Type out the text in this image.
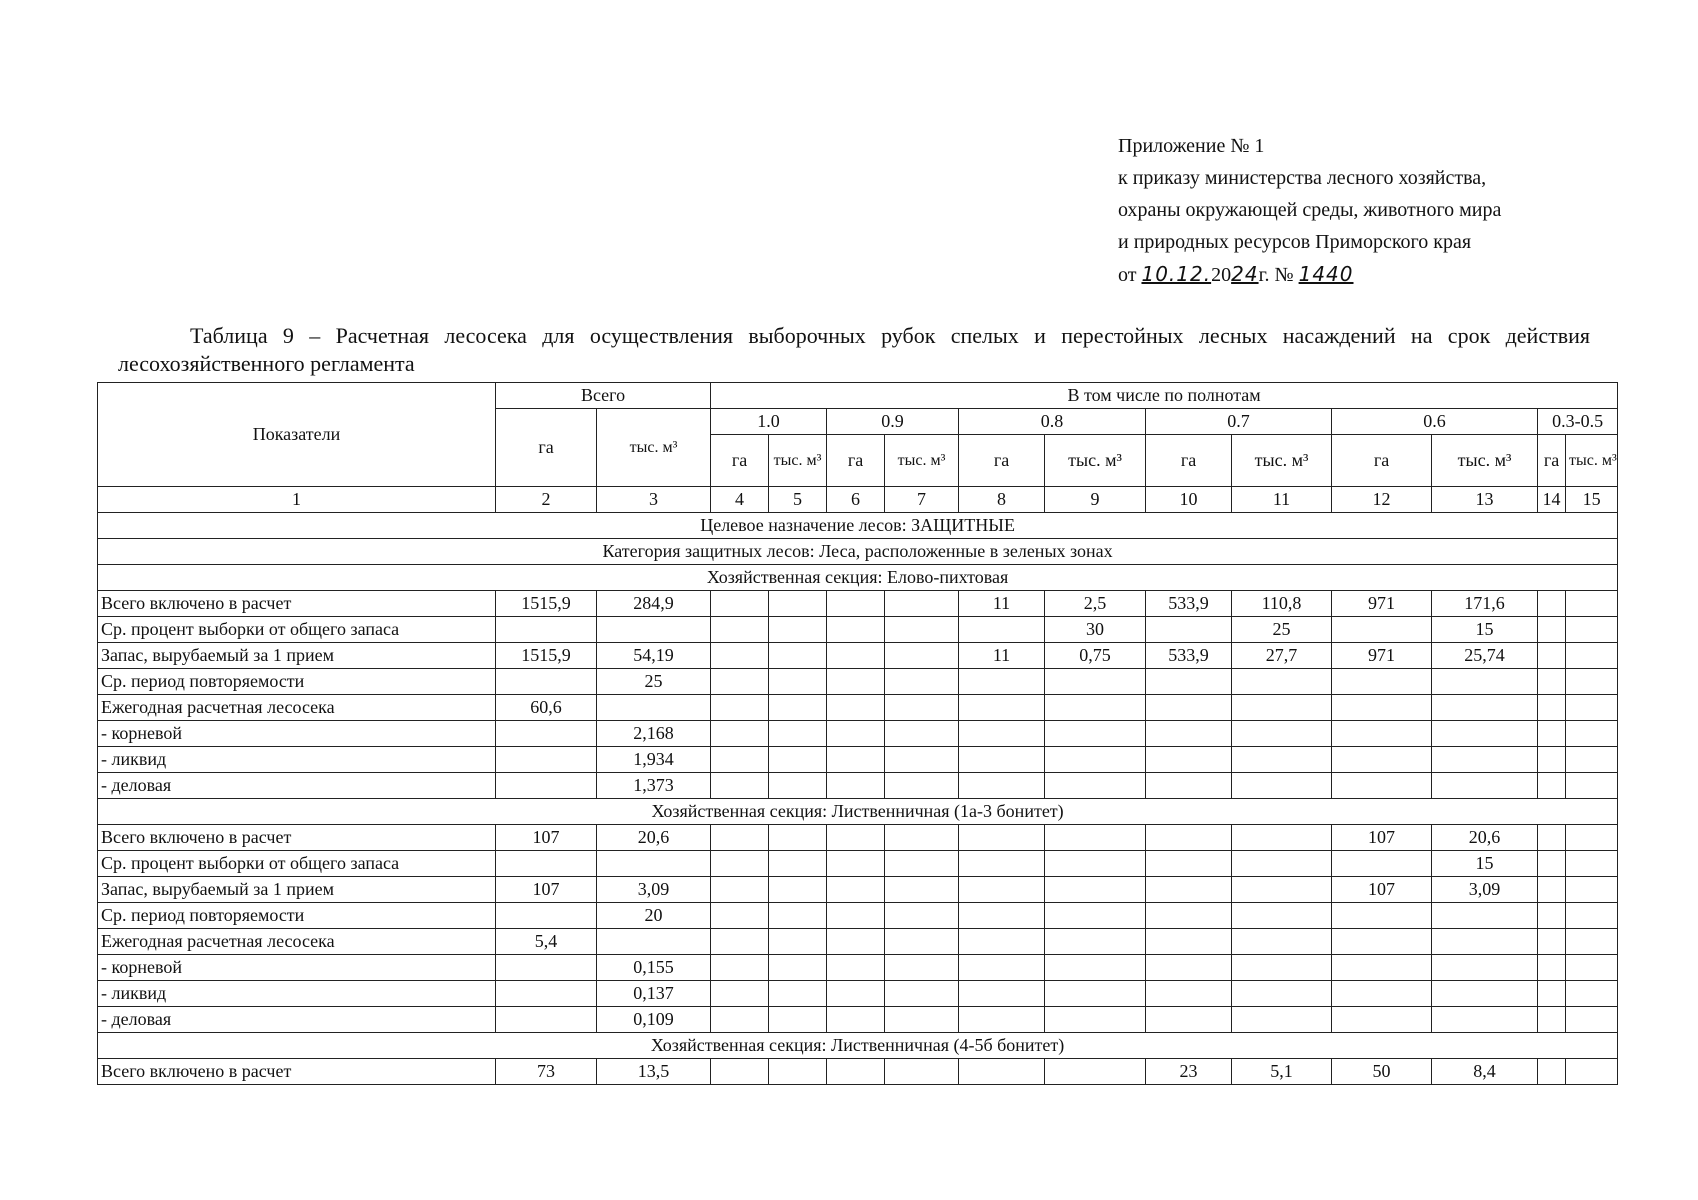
Приложение № 1
к приказу министерства лесного хозяйства,
охраны окружающей среды, животного мира
и природных ресурсов Приморского края
от 10.12.2024г. № 1440
Таблица 9 – Расчетная лесосека для осуществления выборочных рубок спелых и перестойных лесных насаждений на срок действия лесохозяйственного регламента
Показатели	Всего		В том числе по полнотам											
	га	тыс. м³	1.0		0.9		0.8		0.7		0.6		0.3-0.5	
			га	тыс. м³	га	тыс. м³	га	тыс. м³	га	тыс. м³	га	тыс. м³	га	тыс. м³
1	2	3	4	5	6	7	8	9	10	11	12	13	14	15
Целевое назначение лесов: ЗАЩИТНЫЕ														
Категория защитных лесов: Леса, расположенные в зеленых зонах														
Хозяйственная секция: Елово-пихтовая														
Всего включено в расчет	1515,9	284,9					11	2,5	533,9	110,8	971	171,6		
Ср. процент выборки от общего запаса								30		25		15		
Запас, вырубаемый за 1 прием	1515,9	54,19					11	0,75	533,9	27,7	971	25,74		
Ср. период повторяемости		25												
Ежегодная расчетная лесосека	60,6													
- корневой		2,168												
- ликвид		1,934												
- деловая		1,373												
Хозяйственная секция: Лиственничная (1а-3 бонитет)														
Всего включено в расчет	107	20,6									107	20,6		
Ср. процент выборки от общего запаса												15		
Запас, вырубаемый за 1 прием	107	3,09									107	3,09		
Ср. период повторяемости		20												
Ежегодная расчетная лесосека	5,4													
- корневой		0,155												
- ликвид		0,137												
- деловая		0,109												
Хозяйственная секция: Лиственничная (4-5б бонитет)														
Всего включено в расчет	73	13,5							23	5,1	50	8,4		
